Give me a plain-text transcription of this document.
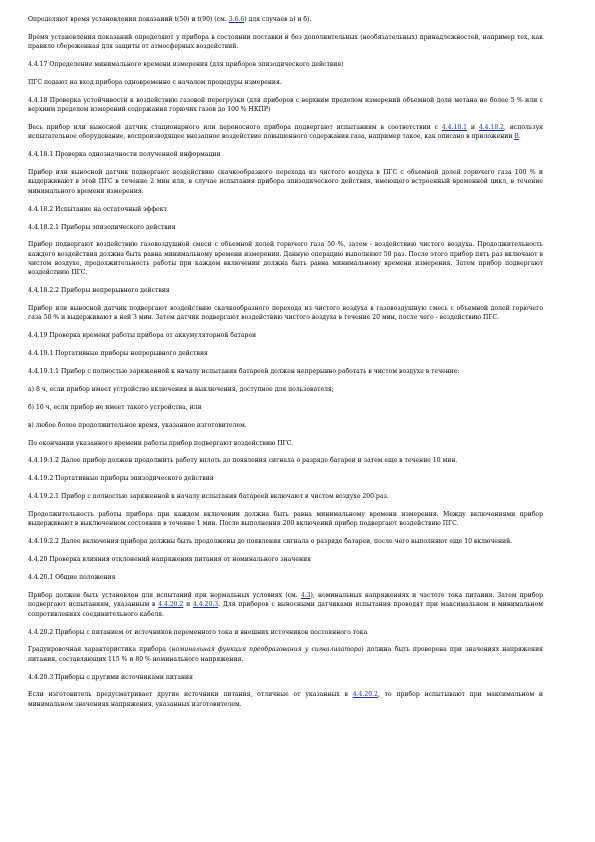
Определяют время установления показаний t(50) и t(90) (см. 3.6.6) для случаев а) и б).

Время установления показаний определяют у прибора в состоянии поставки и без дополнительных (необязательных) принадлежностей, например тех, как правило сбереженная для защиты от атмосферных воздействий.

4.4.17 Определение минимального времени измерения (для приборов эпизодического действия)

ПГС подают на вход прибора одновременно с началом процедуры измерения.

4.4.18 Проверка устойчивости к воздействию газовой перегрузки (для приборов с верхним пределом измерений объемной доли метана не более 5 % или с верхним пределом измерений содержания горючих газов до 100 % НКПР)

Весь прибор или выносной датчик стационарного или переносного прибора подвергают испытаниям в соответствии с 4.4.18.1 и 4.4.18.2, используя испытательное оборудование, воспроизводящее внезапное воздействие повышенного содержания газа, например такое, как описано в приложении В.

4.4.18.1 Проверка однозначности полученной информации

Прибор или выносной датчик подвергают воздействию скачкообразного перехода из чистого воздуха в ПГС с объемной долей горючего газа 100 % и выдерживают в этой ПГС в течение 2 мин или, в случае испытания прибора эпизодического действия, имеющего встроенный временной цикл, в течение минимального времени измерения.

4.4.18.2 Испытание на остаточный эффект

4.4.18.2.1 Приборы эпизодического действия

Прибор подвергают воздействию газовоздушной смеси с объемной долей горючего газа 50 %, затем - воздействию чистого воздуха. Продолжительность каждого воздействия должна быть равна минимальному времени измерения. Данную операцию выполняют 50 раз. После этого прибор пять раз включают в чистом воздухе, продолжительность работы при каждом включении должна быть равна минимальному времени измерения. Затем прибор подвергают воздействию ПГС.

4.4.18.2.2 Приборы непрерывного действия

Прибор или выносной датчик подвергают воздействию скачкообразного перехода из чистого воздуха в газовоздушную смесь с объемной долей горючего газа 50 % и выдерживают в ней 3 мин. Затем датчик подвергают воздействию чистого воздуха в течение 20 мин, после чего - воздействию ПГС.

4.4.19 Проверка времени работы прибора от аккумуляторной батареи

4.4.19.1 Портативные приборы непрерывного действия

4.4.19.1.1 Прибор с полностью заряженной к началу испытания батареей должен непрерывно работать в чистом воздухе в течение:

а) 8 ч, если прибор имеет устройство включения и выключения, доступное для пользователя;

б) 10 ч, если прибор не имеет такого устройства, или

в) любое более продолжительное время, указанное изготовителем.

По окончании указанного времени работы прибор подвергают воздействию ПГС.

4.4.19.1.2 Далее прибор должен продолжить работу вплоть до появления сигнала о разряде батареи и затем еще в течение 10 мин.

4.4.19.2 Портативные приборы эпизодического действия

4.4.19.2.1 Прибор с полностью заряженной к началу испытания батареей включают в чистом воздухе 200 раз.

Продолжительность работы прибора при каждом включении должна быть равна минимальному времени измерения. Между включениями прибор выдерживают в выключенном состоянии в течение 1 мин. После выполнения 200 включений прибор подвергают воздействию ПГС.

4.4.19.2.2 Далее включения прибора должны быть продолжены до появления сигнала о разряде батареи, после чего выполняют еще 10 включений.

4.4.20 Проверка влияния отклонений напряжения питания от номинального значения

4.4.20.1 Общие положения

Прибор должен быть установлен для испытаний при нормальных условиях (см. 4.3), номинальных напряжениях и частоте тока питания. Затем прибор подвергают испытаниям, указанным в 4.4.20.2 и 4.4.20.3. Для приборов с выносными датчиками испытания проводят при максимальном и минимальном сопротивлениях соединительного кабеля.

4.4.20.2 Приборы с питанием от источников переменного тока и внешних источников постоянного тока

Градуировочная характеристика прибора (номинальная функция преобразования у сигнализатора) должна быть проверена при значениях напряжения питания, составляющих 115 % и 80 % номинального напряжения.

4.4.20.3 Приборы с другими источниками питания

Если изготовитель предусматривает другие источники питания, отличные от указанных в 4.4.20.2, то прибор испытывают при максимальном и минимальном значениях напряжения, указанных изготовителем.
